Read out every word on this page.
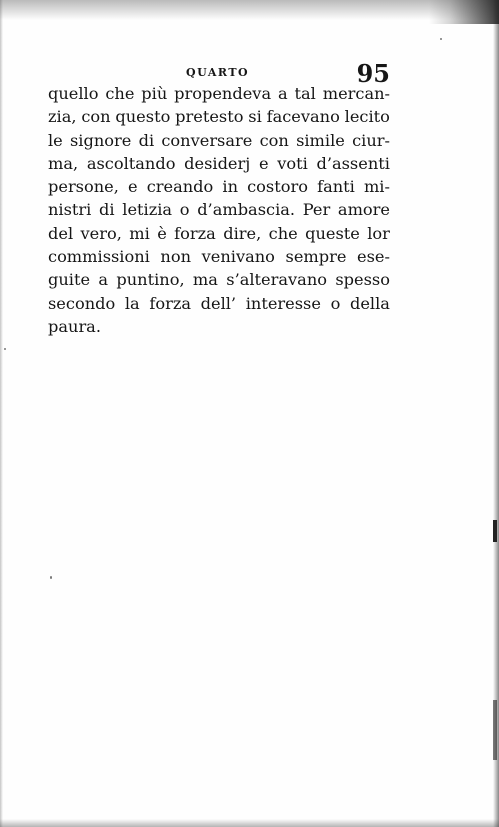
QUARTO	95
quello che più propendeva a tal mercan-
zia, con questo pretesto si facevano lecito
le signore di conversare con simile ciur-
ma, ascoltando desiderj e voti d’assenti
persone, e creando in costoro fanti mi-
nistri di letizia o d’ambascia. Per amore
del vero, mi è forza dire, che queste lor
commissioni non venivano sempre ese-
guite a puntino, ma s’alteravano spesso
secondo la forza dell’ interesse o della
paura.
